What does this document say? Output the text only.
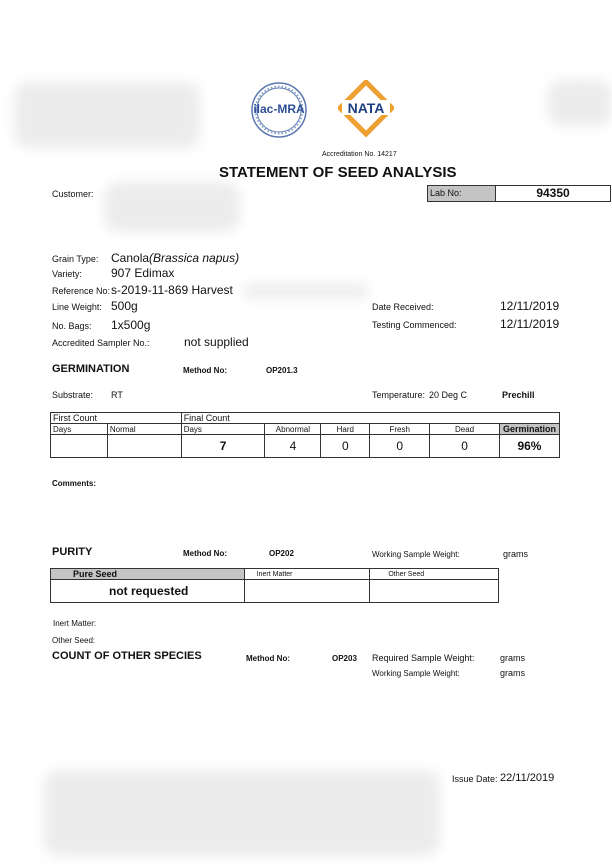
ilac-MRA	NATA
Accreditation No. 14217
STATEMENT OF SEED ANALYSIS
Customer:	Lab No:	94350
Grain Type: Canola(Brassica napus)
Variety: 907 Edimax
Reference No: s-2019-11-869 Harvest
Line Weight: 500g
No. Bags: 1x500g
Accredited Sampler No.:	not supplied
Date Received:	12/11/2019
Testing Commenced:	12/11/2019
GERMINATION	Method No:	OP201.3
Substrate: RT	Temperature: 20 Deg C	Prechill
First Count		Final Count					
Days	Normal	Days	Abnormal	Hard	Fresh	Dead	Germination
		7	4	0	0	0	96%
Comments:
PURITY	Method No:	OP202	Working Sample Weight:	grams
Pure Seed	Inert Matter	Other Seed
not requested		
Inert Matter:
Other Seed:
COUNT OF OTHER SPECIES	Method No:	OP203 Required Sample Weight:	grams
Working Sample Weight:	grams
Issue Date: 22/11/2019
